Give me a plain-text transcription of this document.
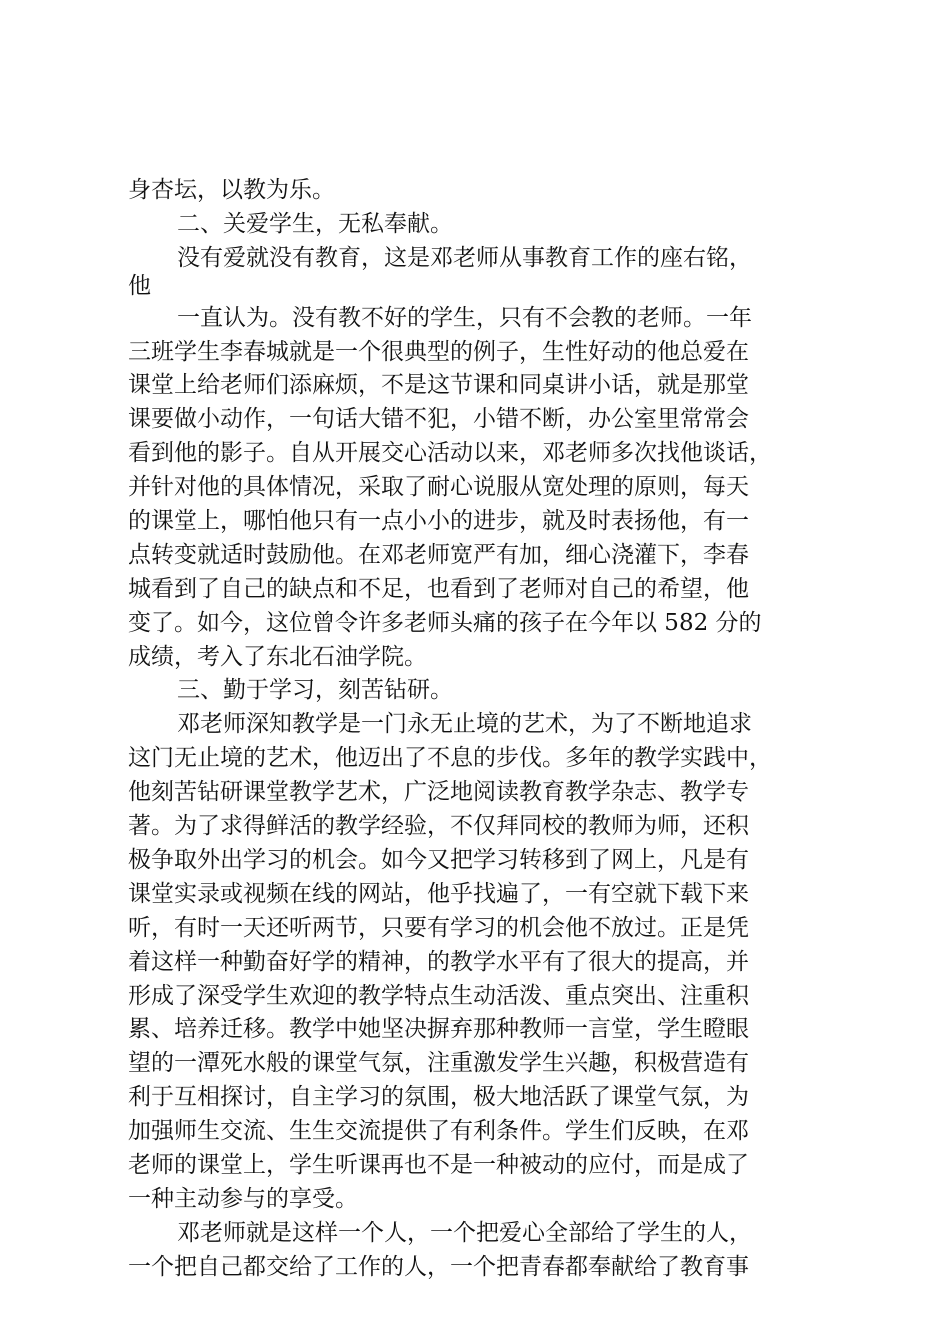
身杏坛，以教为乐。
二、关爱学生，无私奉献。
没有爱就没有教育，这是邓老师从事教育工作的座右铭，
他
一直认为。没有教不好的学生，只有不会教的老师。一年
三班学生李春城就是一个很典型的例子，生性好动的他总爱在
课堂上给老师们添麻烦，不是这节课和同桌讲小话，就是那堂
课要做小动作，一句话大错不犯，小错不断，办公室里常常会
看到他的影子。自从开展交心活动以来，邓老师多次找他谈话，
并针对他的具体情况，采取了耐心说服从宽处理的原则，每天
的课堂上，哪怕他只有一点小小的进步，就及时表扬他，有一
点转变就适时鼓励他。在邓老师宽严有加，细心浇灌下，李春
城看到了自己的缺点和不足，也看到了老师对自己的希望，他
变了。如今，这位曾令许多老师头痛的孩子在今年以 582 分的
成绩，考入了东北石油学院。
三、勤于学习，刻苦钻研。
邓老师深知教学是一门永无止境的艺术，为了不断地追求
这门无止境的艺术，他迈出了不息的步伐。多年的教学实践中，
他刻苦钻研课堂教学艺术，广泛地阅读教育教学杂志、教学专
著。为了求得鲜活的教学经验，不仅拜同校的教师为师，还积
极争取外出学习的机会。如今又把学习转移到了网上，凡是有
课堂实录或视频在线的网站，他乎找遍了，一有空就下载下来
听，有时一天还听两节，只要有学习的机会他不放过。正是凭
着这样一种勤奋好学的精神，的教学水平有了很大的提高，并
形成了深受学生欢迎的教学特点生动活泼、重点突出、注重积
累、培养迁移。教学中她坚决摒弃那种教师一言堂，学生瞪眼
望的一潭死水般的课堂气氛，注重激发学生兴趣，积极营造有
利于互相探讨，自主学习的氛围，极大地活跃了课堂气氛，为
加强师生交流、生生交流提供了有利条件。学生们反映，在邓
老师的课堂上，学生听课再也不是一种被动的应付，而是成了
一种主动参与的享受。
邓老师就是这样一个人，一个把爱心全部给了学生的人，
一个把自己都交给了工作的人，一个把青春都奉献给了教育事
